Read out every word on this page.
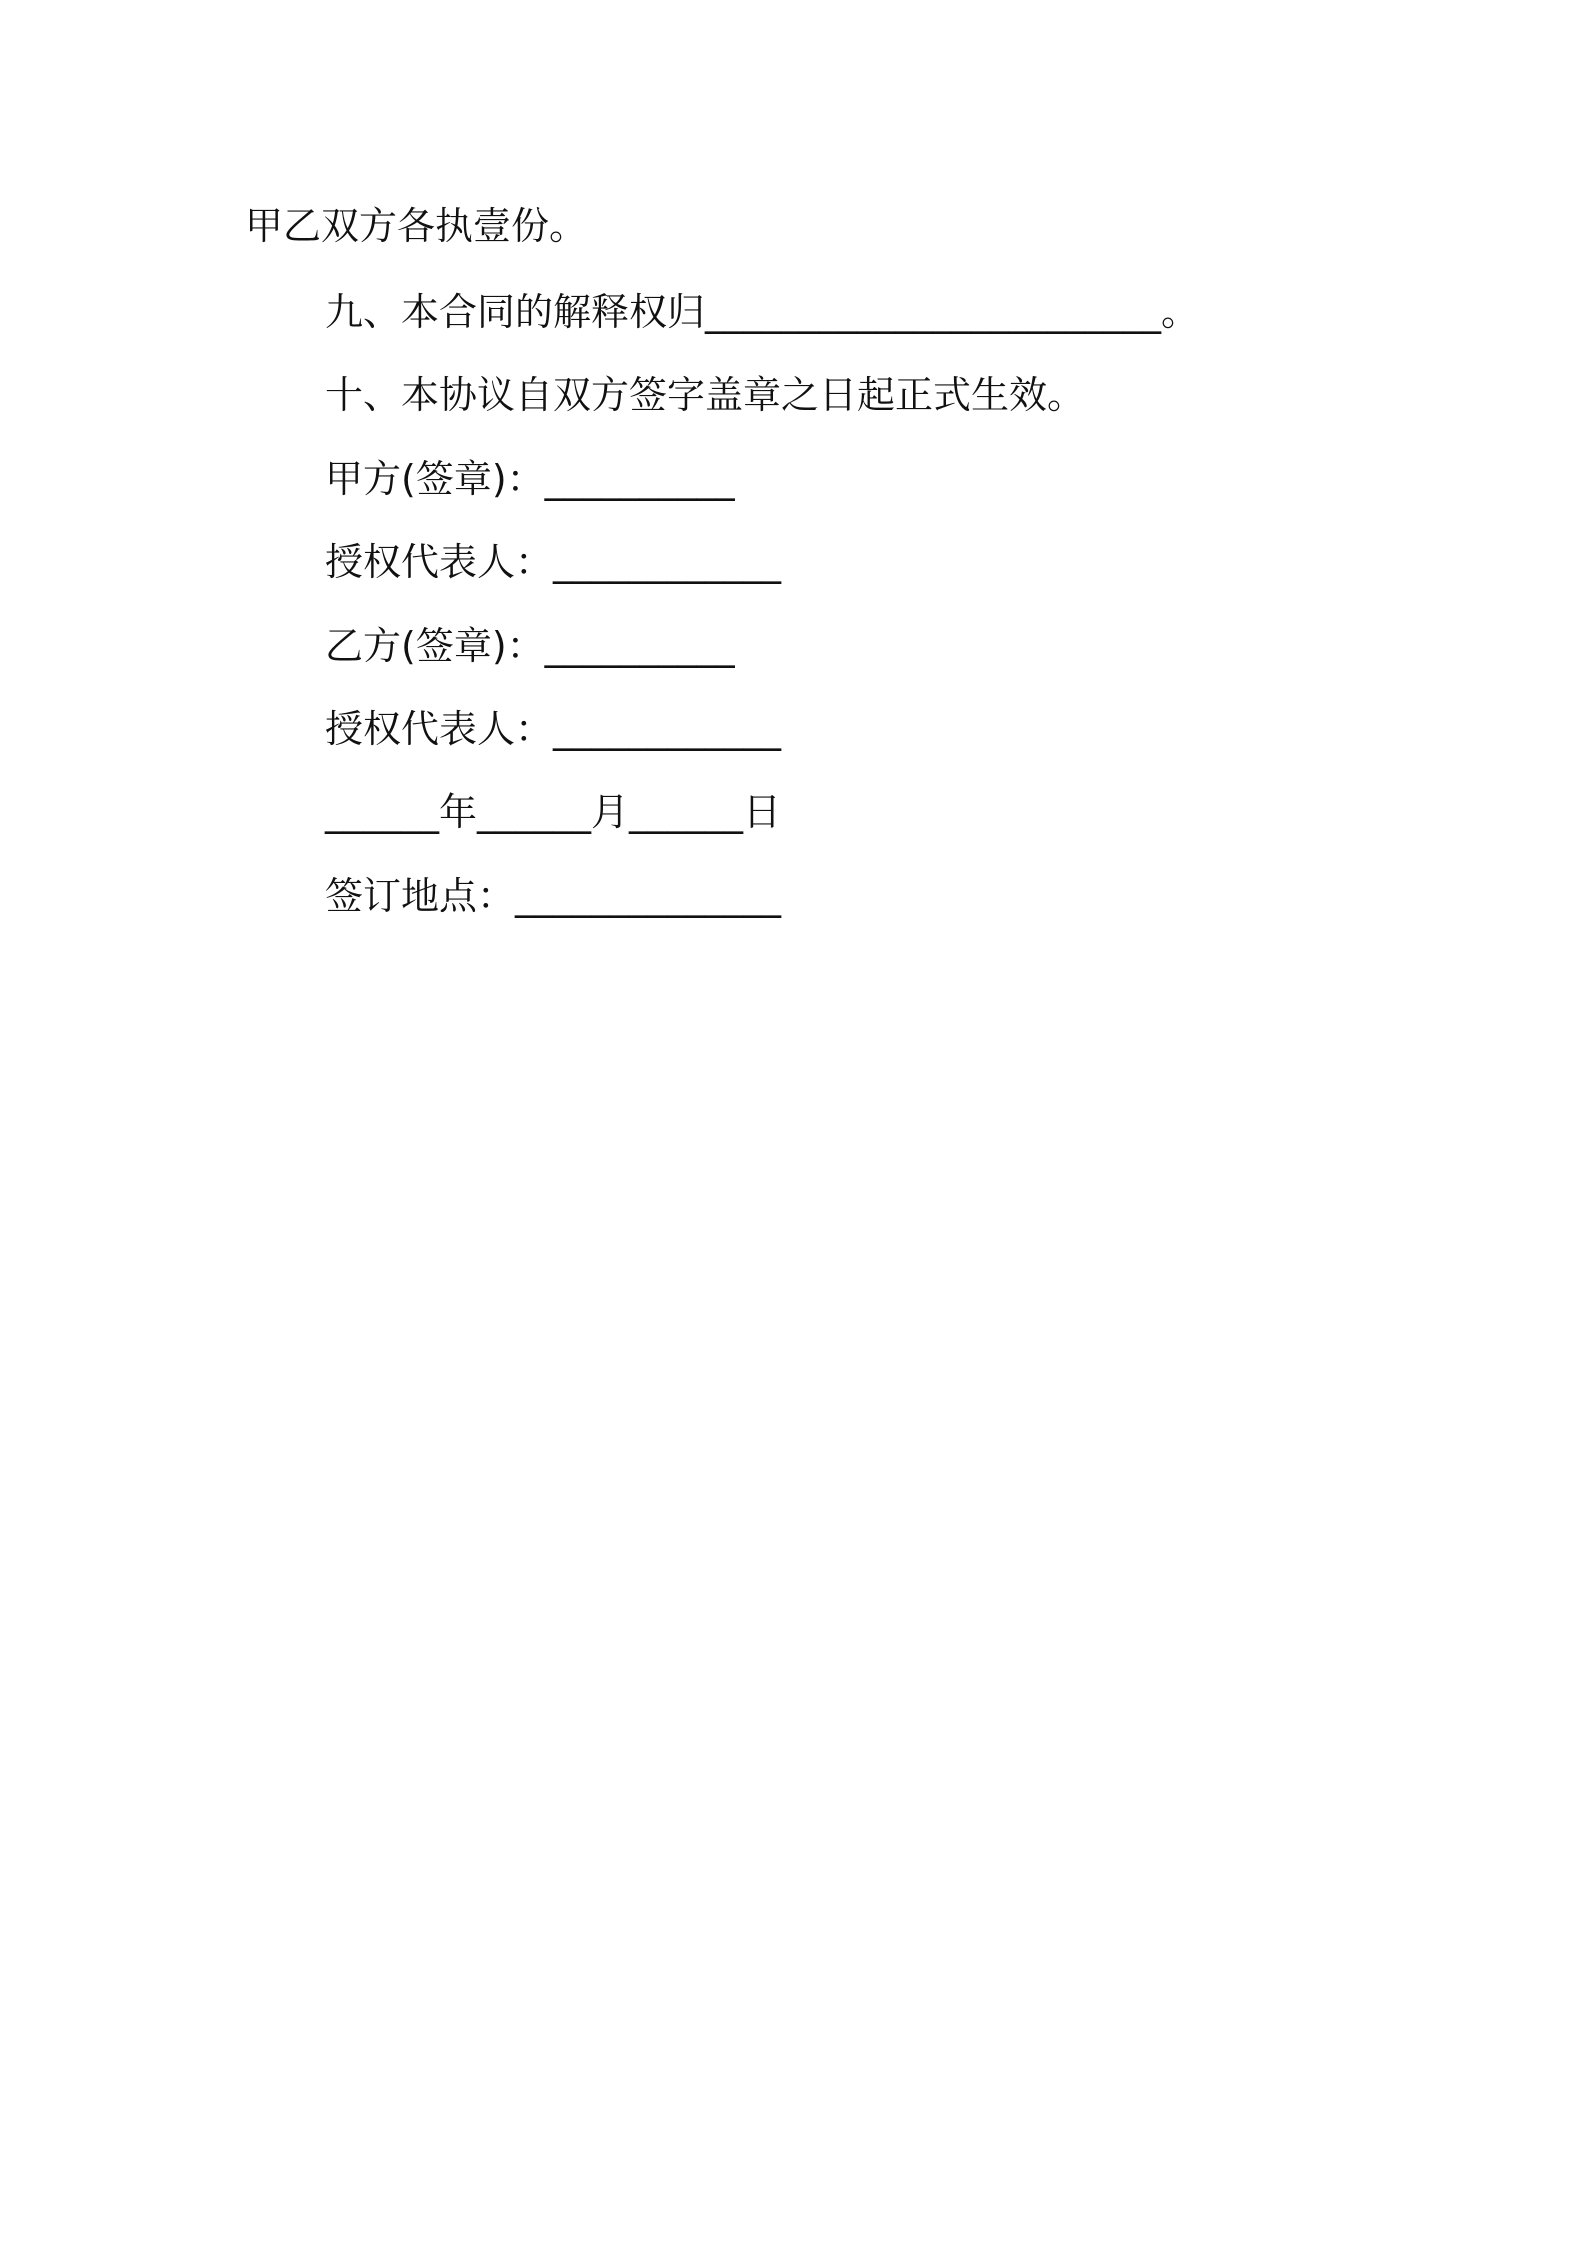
甲乙双方各执壹份。
九、本合同的解释权归________________________。
十、本协议自双方签字盖章之日起正式生效。
甲方(签章)：__________
授权代表人：____________
乙方(签章)：__________
授权代表人：____________
______年______月______日
签订地点：______________
